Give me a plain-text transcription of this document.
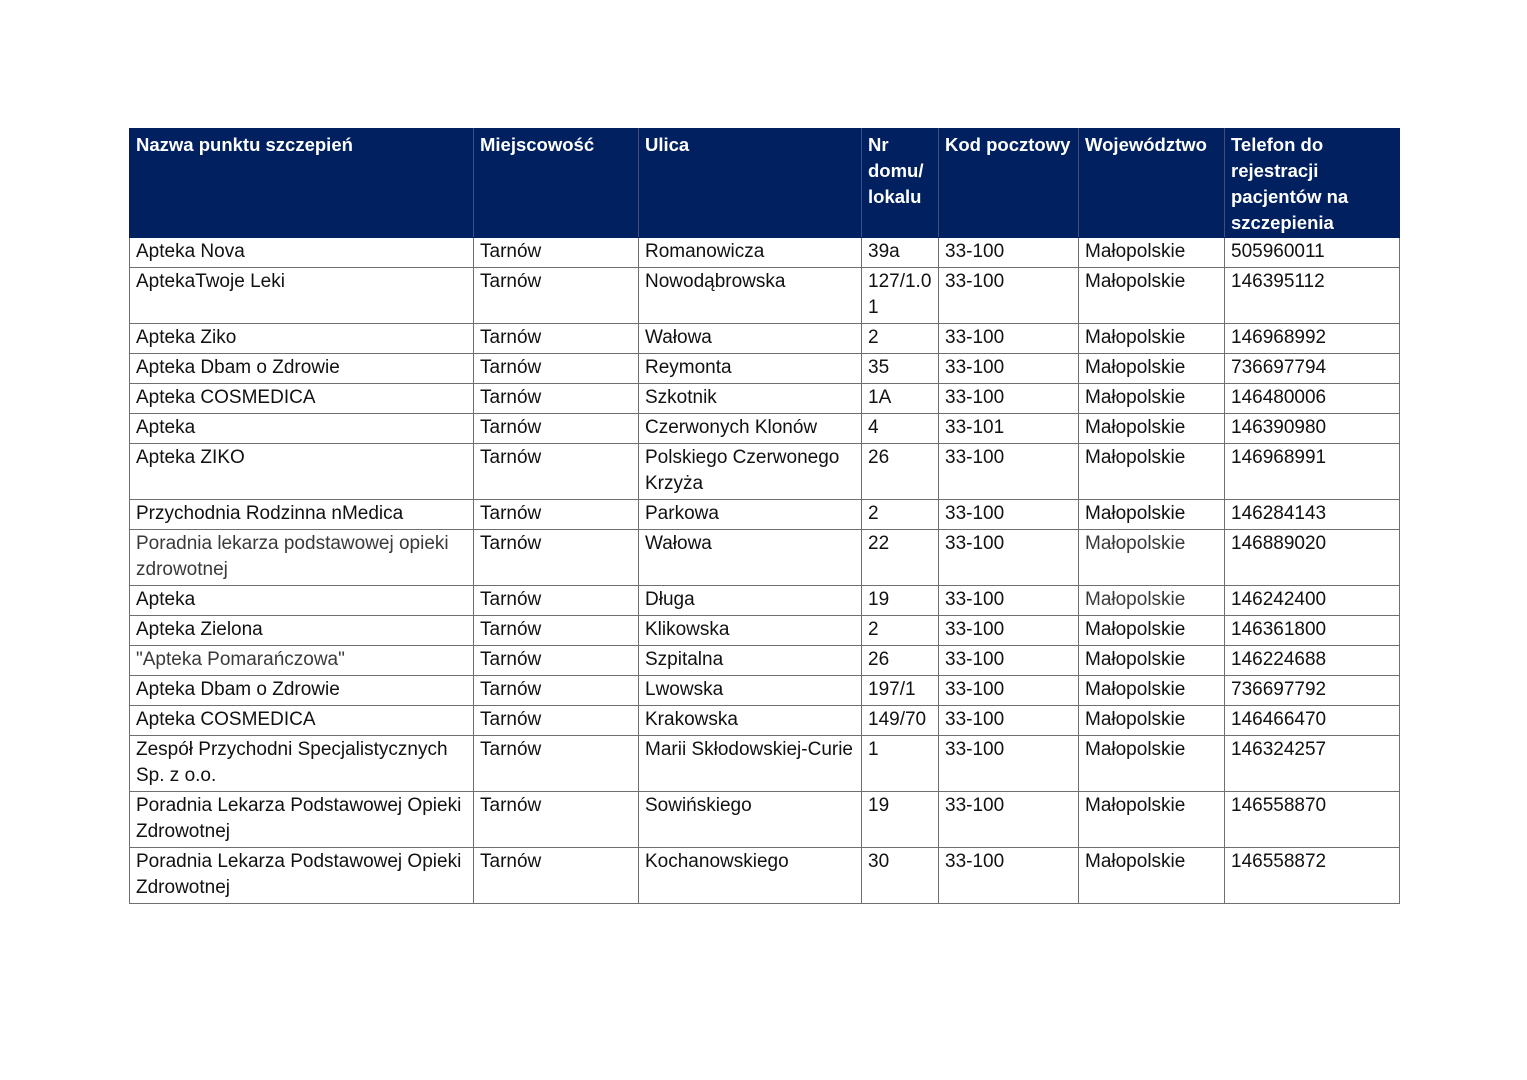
Nazwa punktu szczepień	Miejscowość	Ulica	Nr domu/ lokalu	Kod pocztowy	Województwo	Telefon do rejestracji pacjentów na szczepienia
Apteka Nova	Tarnów	Romanowicza	39a	33-100	Małopolskie	505960011
AptekaTwoje Leki	Tarnów	Nowodąbrowska	127/1.01	33-100	Małopolskie	146395112
Apteka Ziko	Tarnów	Wałowa	2	33-100	Małopolskie	146968992
Apteka Dbam o Zdrowie	Tarnów	Reymonta	35	33-100	Małopolskie	736697794
Apteka COSMEDICA	Tarnów	Szkotnik	1A	33-100	Małopolskie	146480006
Apteka	Tarnów	Czerwonych Klonów	4	33-101	Małopolskie	146390980
Apteka ZIKO	Tarnów	Polskiego Czerwonego Krzyża	26	33-100	Małopolskie	146968991
Przychodnia Rodzinna nMedica	Tarnów	Parkowa	2	33-100	Małopolskie	146284143
Poradnia lekarza podstawowej opieki zdrowotnej	Tarnów	Wałowa	22	33-100	Małopolskie	146889020
Apteka	Tarnów	Długa	19	33-100	Małopolskie	146242400
Apteka Zielona	Tarnów	Klikowska	2	33-100	Małopolskie	146361800
"Apteka Pomarańczowa"	Tarnów	Szpitalna	26	33-100	Małopolskie	146224688
Apteka Dbam o Zdrowie	Tarnów	Lwowska	197/1	33-100	Małopolskie	736697792
Apteka COSMEDICA	Tarnów	Krakowska	149/70	33-100	Małopolskie	146466470
Zespół Przychodni Specjalistycznych Sp. z o.o.	Tarnów	Marii Skłodowskiej-Curie	1	33-100	Małopolskie	146324257
Poradnia Lekarza Podstawowej Opieki Zdrowotnej	Tarnów	Sowińskiego	19	33-100	Małopolskie	146558870
Poradnia Lekarza Podstawowej Opieki Zdrowotnej	Tarnów	Kochanowskiego	30	33-100	Małopolskie	146558872
